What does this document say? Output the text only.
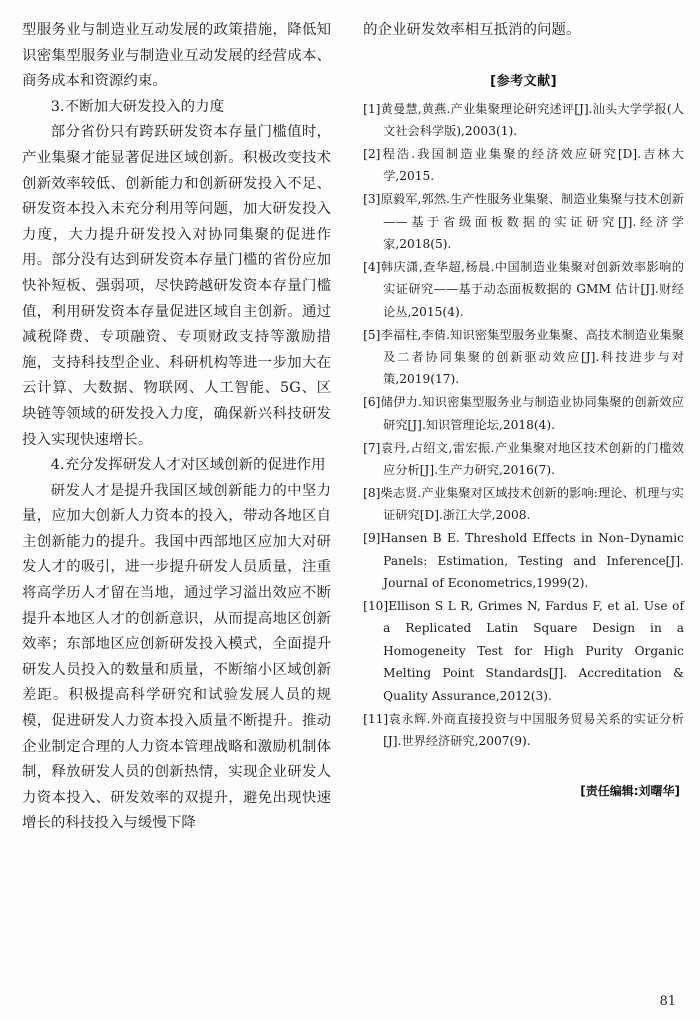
型服务业与制造业互动发展的政策措施，降低知识密集型服务业与制造业互动发展的经营成本、商务成本和资源约束。

3.不断加大研发投入的力度

部分省份只有跨跃研发资本存量门槛值时，产业集聚才能显著促进区域创新。积极改变技术创新效率较低、创新能力和创新研发投入不足、研发资本投入未充分利用等问题，加大研发投入力度，大力提升研发投入对协同集聚的促进作用。部分没有达到研发资本存量门槛的省份应加快补短板、强弱项，尽快跨越研发资本存量门槛值，利用研发资本存量促进区域自主创新。通过减税降费、专项融资、专项财政支持等激励措施，支持科技型企业、科研机构等进一步加大在云计算、大数据、物联网、人工智能、5G、区块链等领域的研发投入力度，确保新兴科技研发投入实现快速增长。

4.充分发挥研发人才对区域创新的促进作用

研发人才是提升我国区域创新能力的中坚力量，应加大创新人力资本的投入，带动各地区自主创新能力的提升。我国中西部地区应加大对研发人才的吸引，进一步提升研发人员质量，注重将高学历人才留在当地，通过学习溢出效应不断提升本地区人才的创新意识，从而提高地区创新效率；东部地区应创新研发投入模式，全面提升研发人员投入的数量和质量，不断缩小区域创新差距。积极提高科学研究和试验发展人员的规模，促进研发人力资本投入质量不断提升。推动企业制定合理的人力资本管理战略和激励机制体制，释放研发人员的创新热情，实现企业研发人力资本投入、研发效率的双提升，避免出现快速增长的科技投入与缓慢下降

的企业研发效率相互抵消的问题。

[参考文献]
[1]黄曼慧,黄燕.产业集聚理论研究述评[J].汕头大学学报(人文社会科学版),2003(1).
[2]程浩.我国制造业集聚的经济效应研究[D].吉林大学,2015.
[3]原毅军,郭然.生产性服务业集聚、制造业集聚与技术创新——基于省级面板数据的实证研究[J].经济学家,2018(5).
[4]韩庆潇,查华超,杨晨.中国制造业集聚对创新效率影响的实证研究——基于动态面板数据的 GMM 估计[J].财经论丛,2015(4).
[5]李福柱,李倩.知识密集型服务业集聚、高技术制造业集聚及二者协同集聚的创新驱动效应[J].科技进步与对策,2019(17).
[6]储伊力.知识密集型服务业与制造业协同集聚的创新效应研究[J].知识管理论坛,2018(4).
[7]袁丹,占绍文,雷宏振.产业集聚对地区技术创新的门槛效应分析[J].生产力研究,2016(7).
[8]柴志贤.产业集聚对区域技术创新的影响:理论、机理与实证研究[D].浙江大学,2008.
[9]Hansen B E. Threshold Effects in Non–Dynamic Panels: Estimation, Testing and Inference[J]. Journal of Econometrics,1999(2).
[10]Ellison S L R, Grimes N, Fardus F, et al. Use of a Replicated Latin Square Design in a Homogeneity Test for High Purity Organic Melting Point Standards[J]. Accreditation & Quality Assurance,2012(3).
[11]袁永辉.外商直接投资与中国服务贸易关系的实证分析[J].世界经济研究,2007(9).
[责任编辑:刘曙华]
81
